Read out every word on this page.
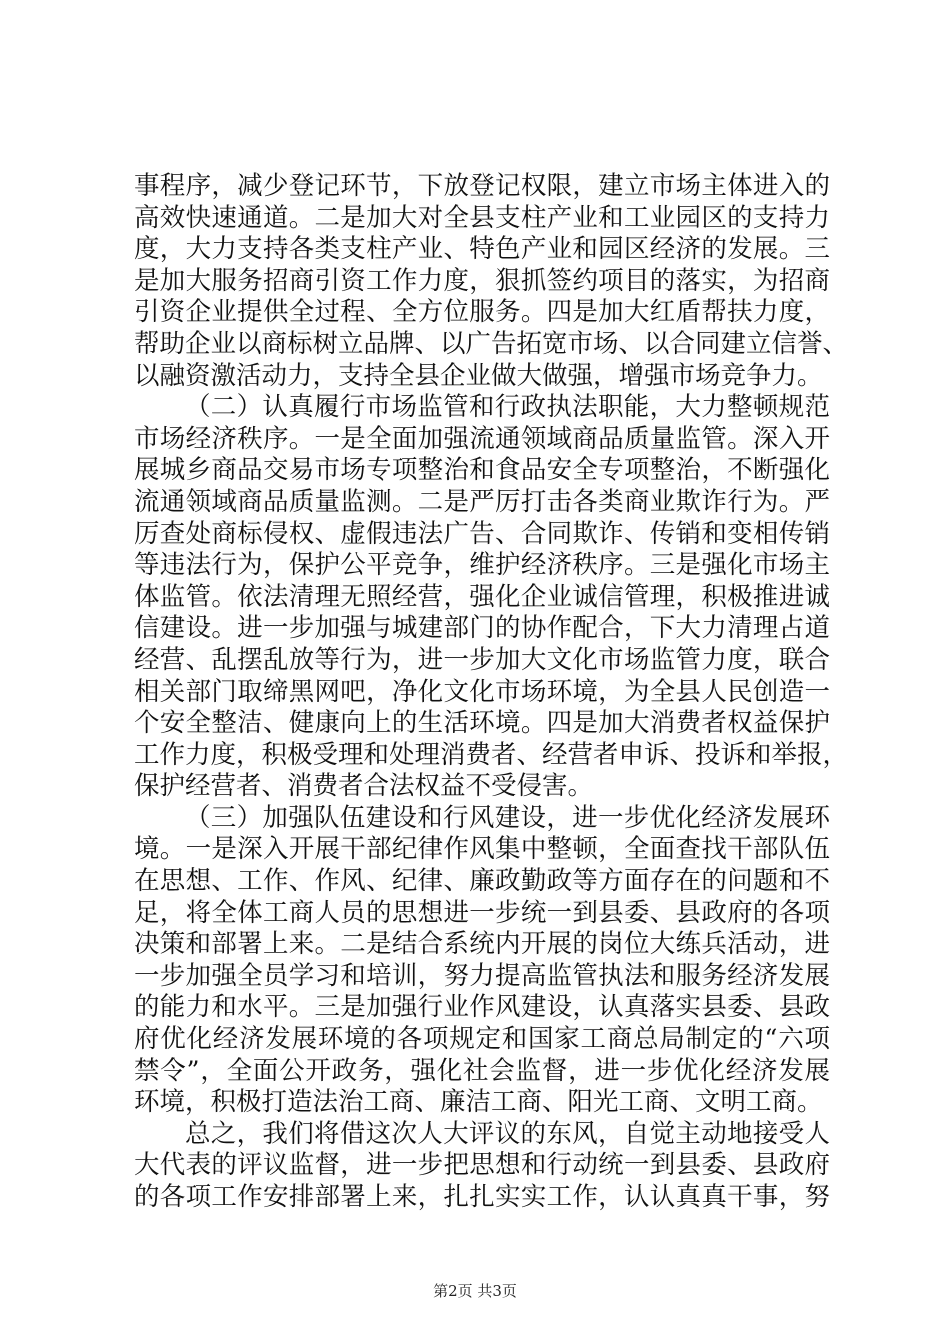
事程序，减少登记环节，下放登记权限，建立市场主体进入的
高效快速通道。二是加大对全县支柱产业和工业园区的支持力
度，大力支持各类支柱产业、特色产业和园区经济的发展。三
是加大服务招商引资工作力度，狠抓签约项目的落实，为招商
引资企业提供全过程、全方位服务。四是加大红盾帮扶力度，
帮助企业以商标树立品牌、以广告拓宽市场、以合同建立信誉、
以融资激活动力，支持全县企业做大做强，增强市场竞争力。

（二）认真履行市场监管和行政执法职能，大力整顿规范
市场经济秩序。一是全面加强流通领域商品质量监管。深入开
展城乡商品交易市场专项整治和食品安全专项整治，不断强化
流通领域商品质量监测。二是严厉打击各类商业欺诈行为。严
厉查处商标侵权、虚假违法广告、合同欺诈、传销和变相传销
等违法行为，保护公平竞争，维护经济秩序。三是强化市场主
体监管。依法清理无照经营，强化企业诚信管理，积极推进诚
信建设。进一步加强与城建部门的协作配合，下大力清理占道
经营、乱摆乱放等行为，进一步加大文化市场监管力度，联合
相关部门取缔黑网吧，净化文化市场环境，为全县人民创造一
个安全整洁、健康向上的生活环境。四是加大消费者权益保护
工作力度，积极受理和处理消费者、经营者申诉、投诉和举报，
保护经营者、消费者合法权益不受侵害。

（三）加强队伍建设和行风建设，进一步优化经济发展环
境。一是深入开展干部纪律作风集中整顿，全面查找干部队伍
在思想、工作、作风、纪律、廉政勤政等方面存在的问题和不
足，将全体工商人员的思想进一步统一到县委、县政府的各项
决策和部署上来。二是结合系统内开展的岗位大练兵活动，进
一步加强全员学习和培训，努力提高监管执法和服务经济发展
的能力和水平。三是加强行业作风建设，认真落实县委、县政
府优化经济发展环境的各项规定和国家工商总局制定的“六项
禁令”，全面公开政务，强化社会监督，进一步优化经济发展
环境，积极打造法治工商、廉洁工商、阳光工商、文明工商。

总之，我们将借这次人大评议的东风，自觉主动地接受人
大代表的评议监督，进一步把思想和行动统一到县委、县政府
的各项工作安排部署上来，扎扎实实工作，认认真真干事，努

第2页 共3页
